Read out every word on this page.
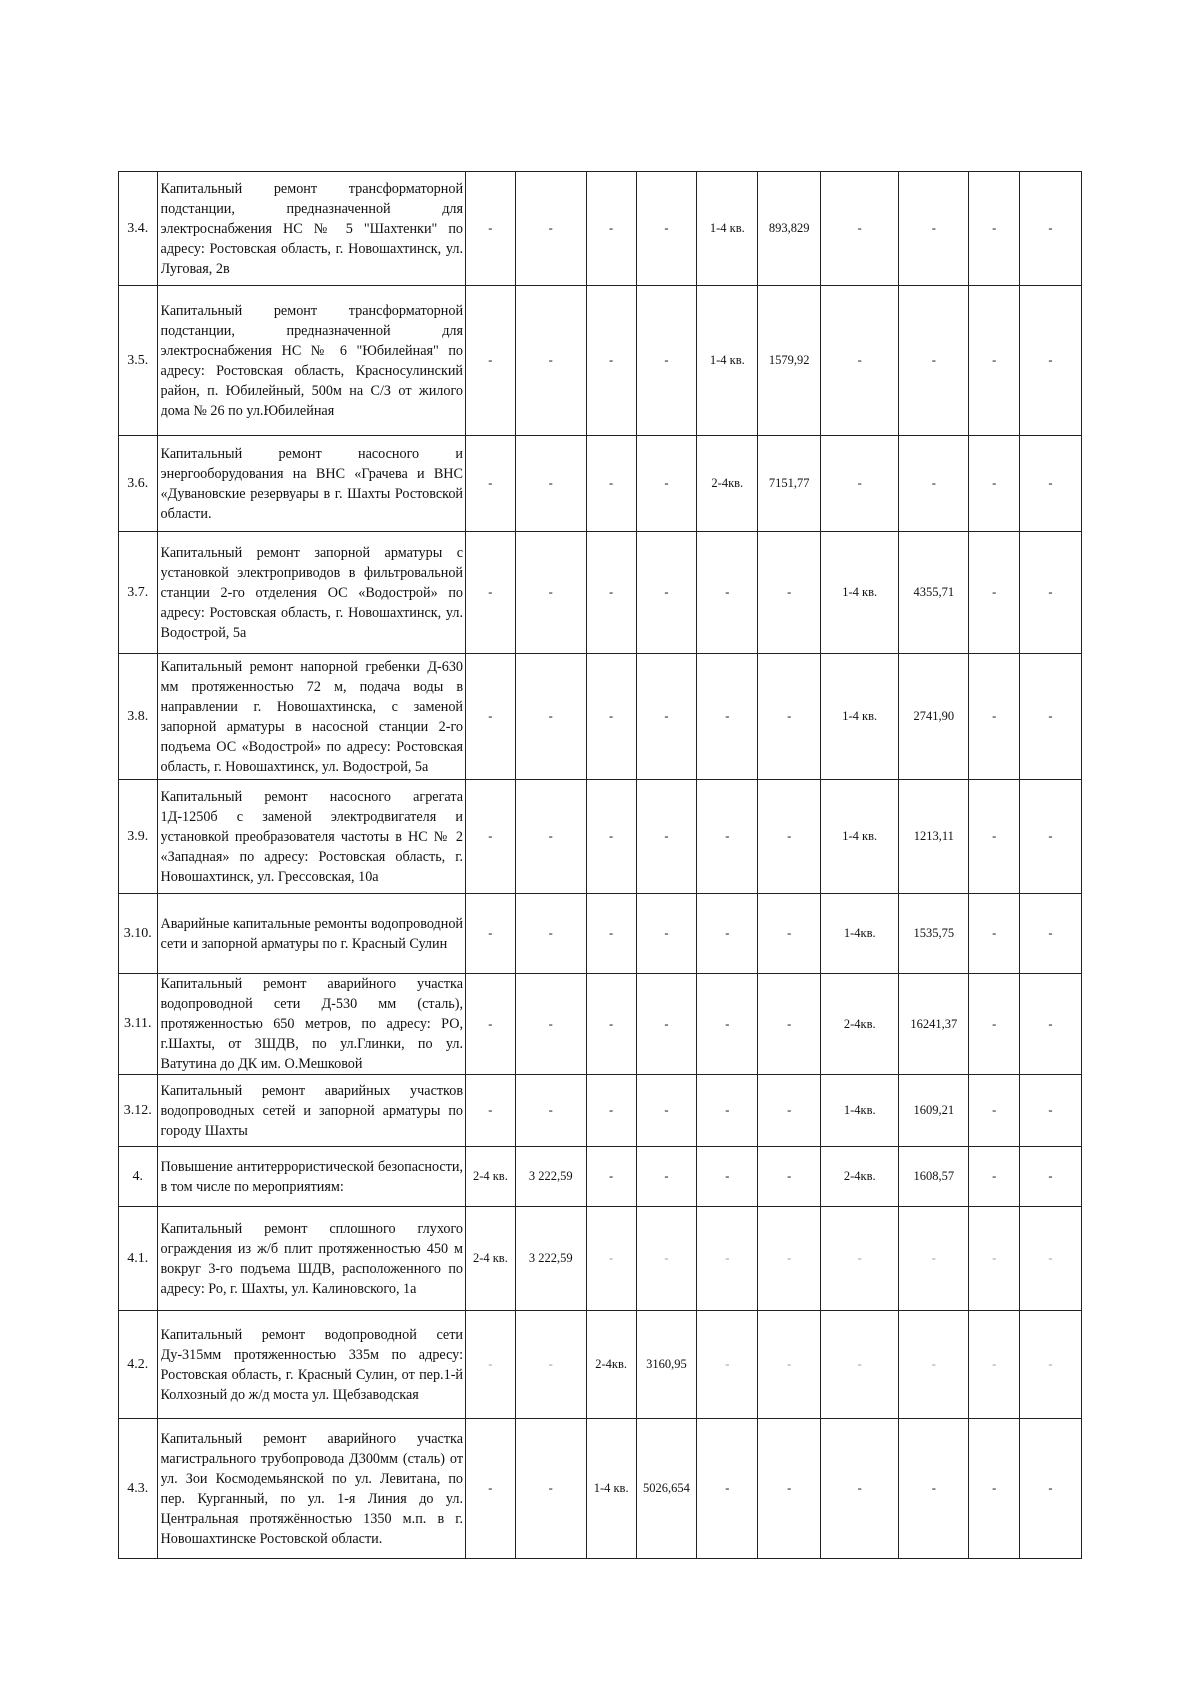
3.4.	Капитальный ремонт трансформаторной подстанции, предназначенной для электроснабжения НС № 5 "Шахтенки" по адресу: Ростовская область, г. Новошахтинск, ул. Луговая, 2в	-	-	-	-	1-4 кв.	893,829	-	-	-	-
3.5.	Капитальный ремонт трансформаторной подстанции, предназначенной для электроснабжения НС № 6 "Юбилейная" по адресу: Ростовская область, Красносулинский район, п. Юбилейный, 500м на С/З от жилого дома № 26 по ул.Юбилейная	-	-	-	-	1-4 кв.	1579,92	-	-	-	-
3.6.	Капитальный ремонт насосного и энергооборудования на ВНС «Грачева и ВНС «Дувановские резервуары в г. Шахты Ростовской области.	-	-	-	-	2-4кв.	7151,77	-	-	-	-
3.7.	Капитальный ремонт запорной арматуры с установкой электроприводов в фильтровальной станции 2-го отделения ОС «Водострой» по адресу: Ростовская область, г. Новошахтинск, ул. Водострой, 5а	-	-	-	-	-	-	1-4 кв.	4355,71	-	-
3.8.	Капитальный ремонт напорной гребенки Д-630 мм протяженностью 72 м, подача воды в направлении г. Новошахтинска, с заменой запорной арматуры в насосной станции 2-го подъема ОС «Водострой» по адресу: Ростовская область, г. Новошахтинск, ул. Водострой, 5а	-	-	-	-	-	-	1-4 кв.	2741,90	-	-
3.9.	Капитальный ремонт насосного агрегата 1Д-1250б с заменой электродвигателя и установкой преобразователя частоты в НС № 2 «Западная» по адресу: Ростовская область, г. Новошахтинск, ул. Грессовская, 10а	-	-	-	-	-	-	1-4 кв.	1213,11	-	-
3.10.	Аварийные капитальные ремонты водопроводной сети и запорной арматуры по г. Красный Сулин	-	-	-	-	-	-	1-4кв.	1535,75	-	-
3.11.	Капитальный ремонт аварийного участка водопроводной сети Д-530 мм (сталь), протяженностью 650 метров, по адресу: РО, г.Шахты, от 3ШДВ, по ул.Глинки, по ул. Ватутина до ДК им. О.Мешковой	-	-	-	-	-	-	2-4кв.	16241,37	-	-
3.12.	Капитальный ремонт аварийных участков водопроводных сетей и запорной арматуры по городу Шахты	-	-	-	-	-	-	1-4кв.	1609,21	-	-
4.	Повышение антитеррористической безопасности, в том числе по мероприятиям:	2-4 кв.	3 222,59	-	-	-	-	2-4кв.	1608,57	-	-
4.1.	Капитальный ремонт сплошного глухого ограждения из ж/б плит протяженностью 450 м вокруг 3-го подъема ШДВ, расположенного по адресу: Ро, г. Шахты, ул. Калиновского, 1а	2-4 кв.	3 222,59	-	-	-	-	-	-	-	-
4.2.	Капитальный ремонт водопроводной сети Ду-315мм протяженностью 335м по адресу: Ростовская область, г. Красный Сулин, от пер.1-й Колхозный до ж/д моста ул. Щебзаводская	-	-	2-4кв.	3160,95	-	-	-	-	-	-
4.3.	Капитальный ремонт аварийного участка магистрального трубопровода Д300мм (сталь) от ул. Зои Космодемьянской по ул. Левитана, по пер. Курганный, по ул. 1-я Линия до ул. Центральная протяжённостью 1350 м.п. в г. Новошахтинске Ростовской области.	-	-	1-4 кв.	5026,654	-	-	-	-	-	-
